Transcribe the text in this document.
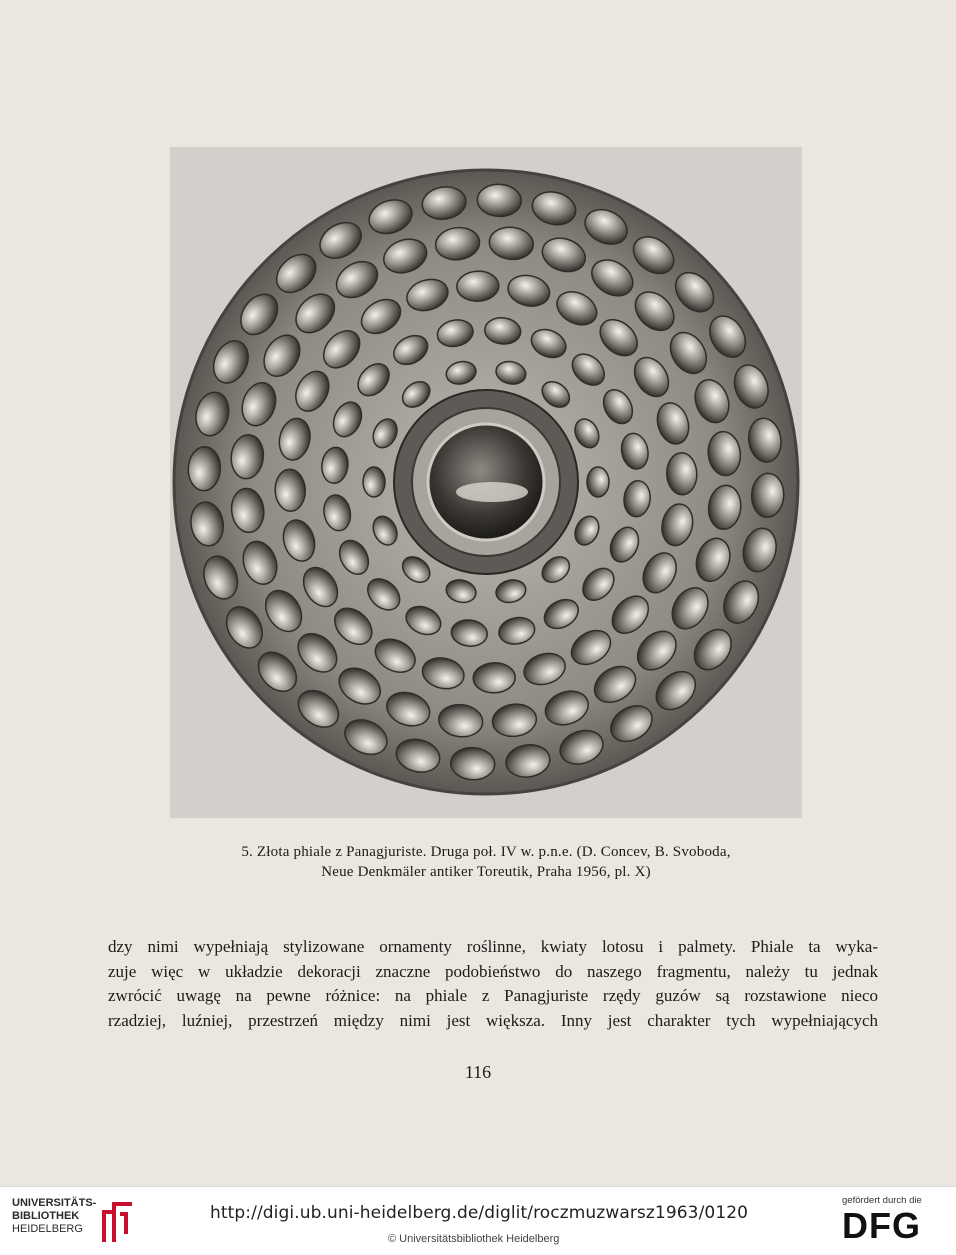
5. Złota phiale z Panagjuriste. Druga poł. IV w. p.n.e. (D. Concev, B. Svoboda,
Neue Denkmäler antiker Toreutik, Praha 1956, pl. X)
dzy nimi wypełniają stylizowane ornamenty roślinne, kwiaty lotosu i palmety. Phiale ta wyka-
zuje więc w układzie dekoracji znaczne podobieństwo do naszego fragmentu, należy tu jednak
zwrócić uwagę na pewne różnice: na phiale z Panagjuriste rzędy guzów są rozstawione nieco
rzadziej, luźniej, przestrzeń między nimi jest większa. Inny jest charakter tych wypełniających
116
UNIVERSITÄTS-
BIBLIOTHEK
HEIDELBERG
http://digi.ub.uni-heidelberg.de/diglit/roczmuzwarsz1963/0120
© Universitätsbibliothek Heidelberg
gefördert durch die
DFG
